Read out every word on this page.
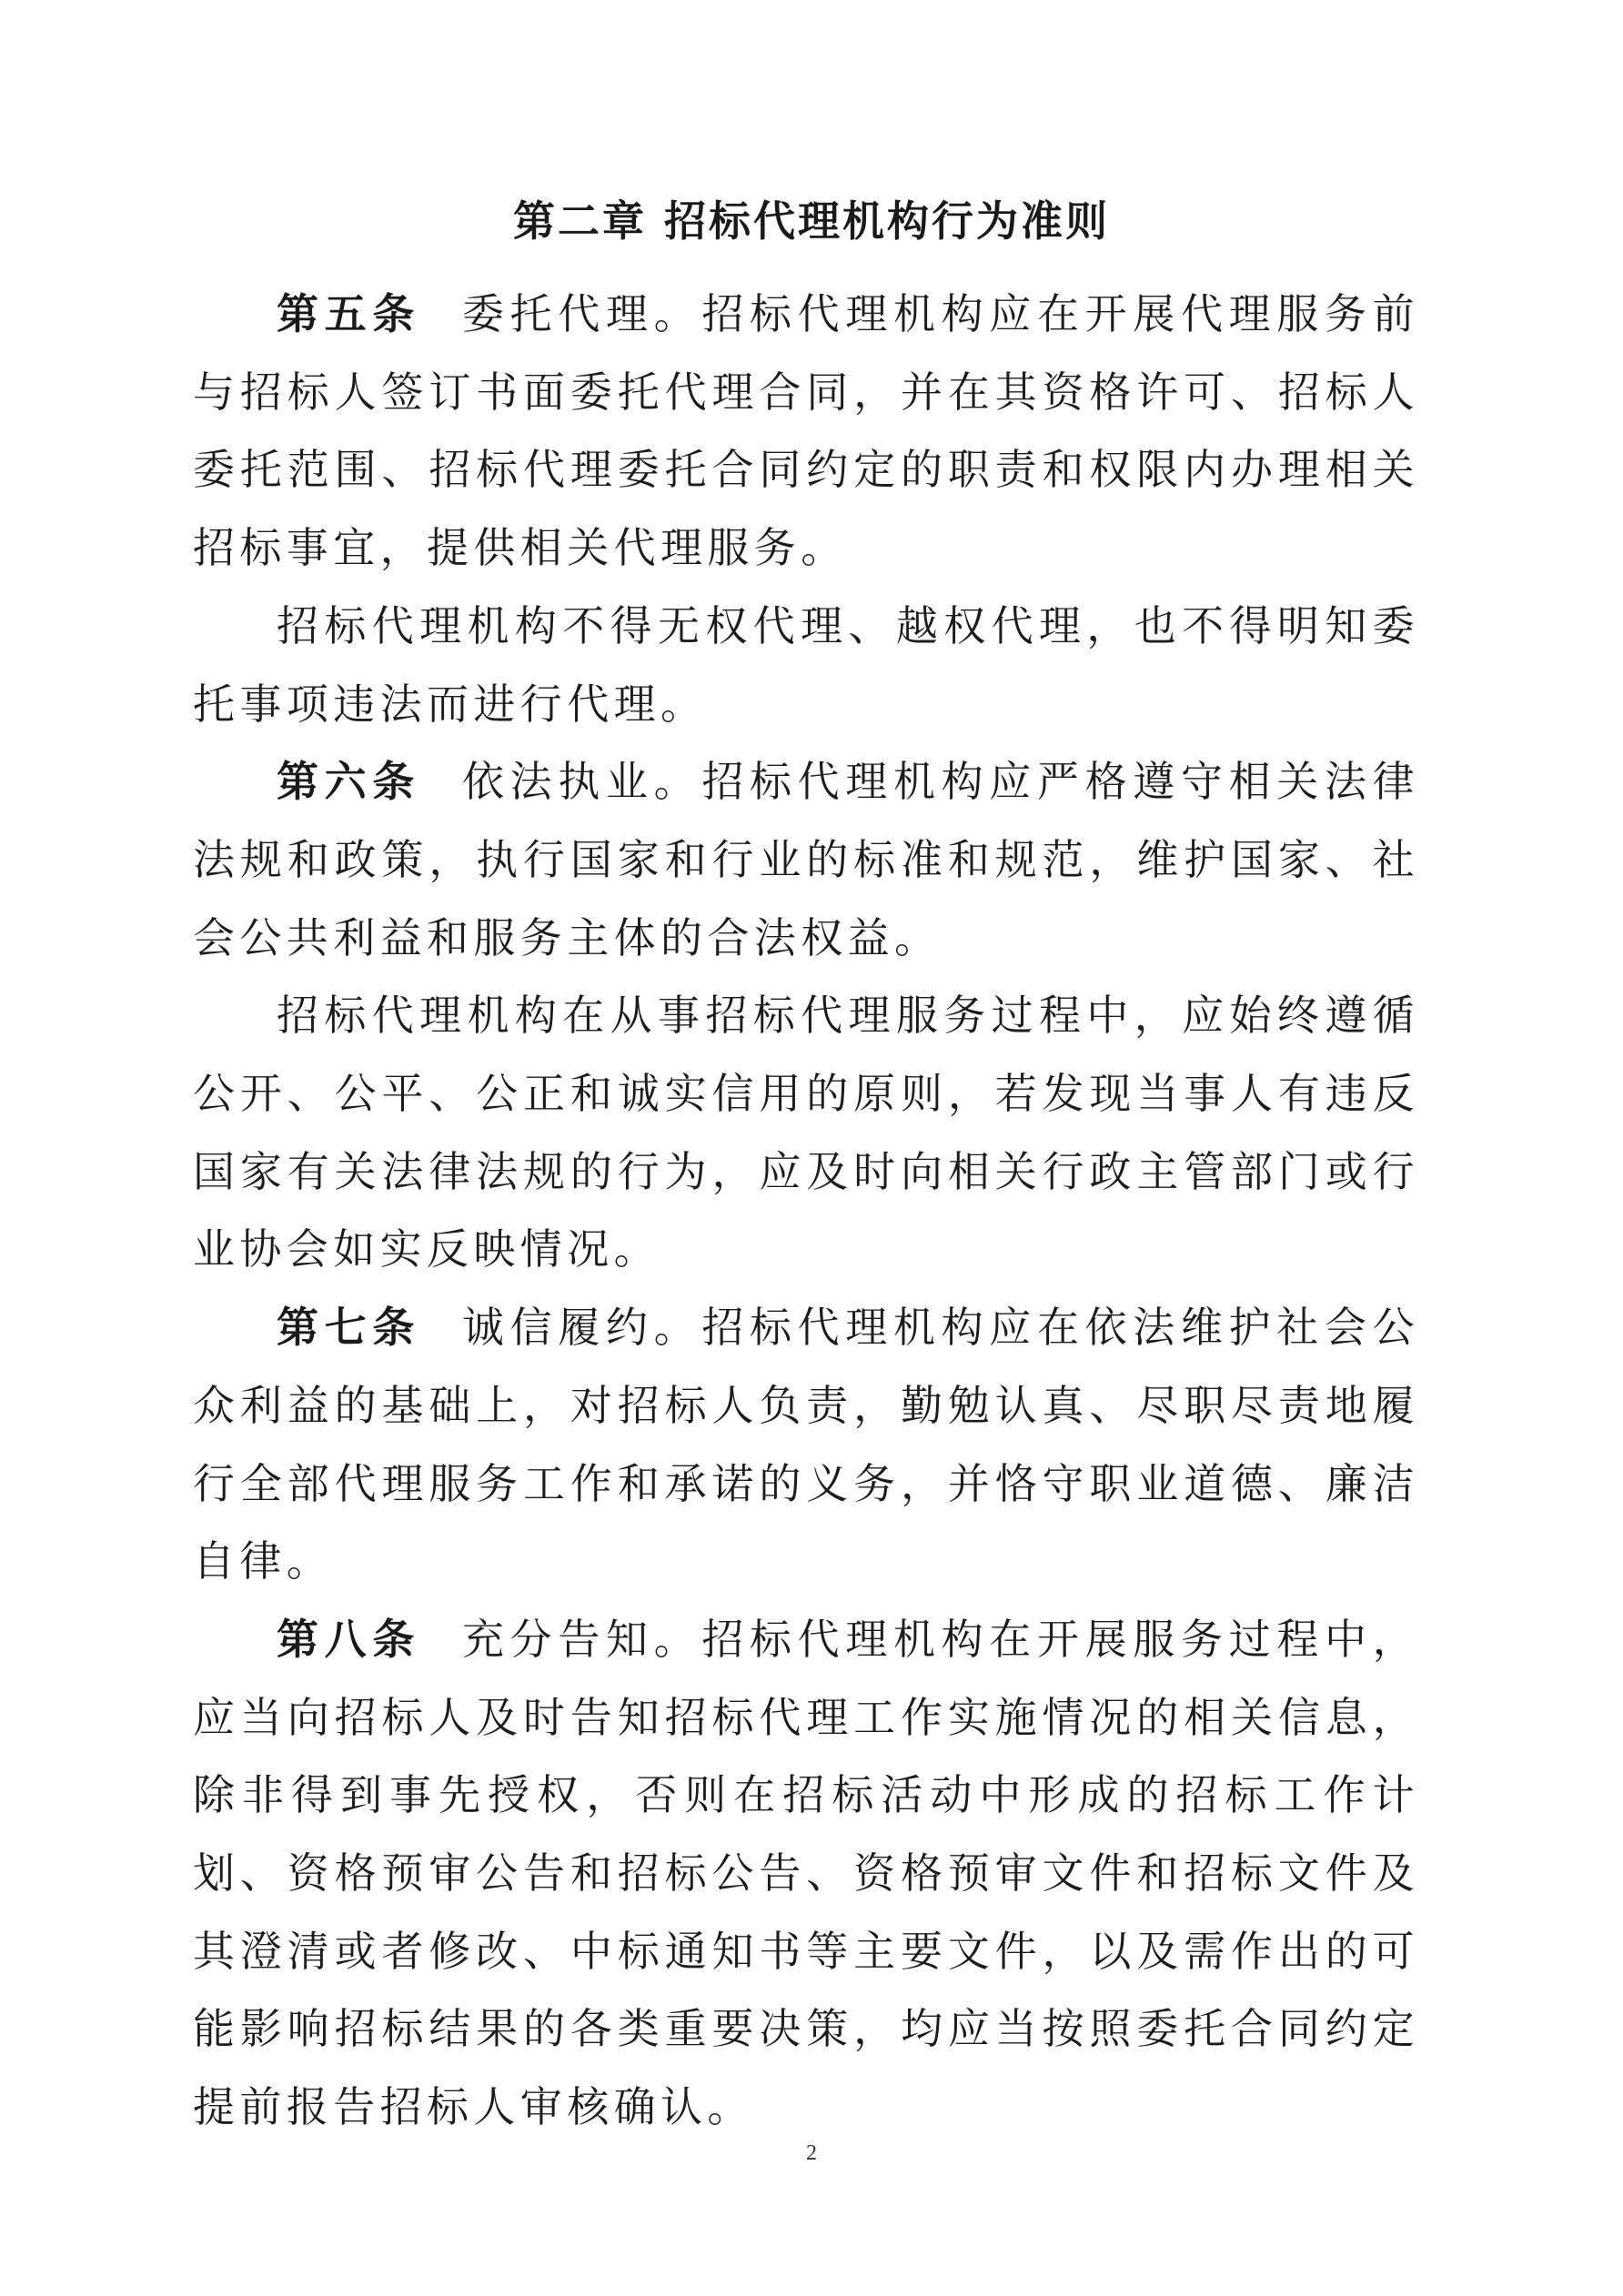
第二章 招标代理机构行为准则

第五条 委托代理。招标代理机构应在开展代理服务前与招标人签订书面委托代理合同，并在其资格许可、招标人委托范围、招标代理委托合同约定的职责和权限内办理相关招标事宜，提供相关代理服务。

招标代理机构不得无权代理、越权代理，也不得明知委托事项违法而进行代理。

第六条 依法执业。招标代理机构应严格遵守相关法律法规和政策，执行国家和行业的标准和规范，维护国家、社会公共利益和服务主体的合法权益。

招标代理机构在从事招标代理服务过程中，应始终遵循公开、公平、公正和诚实信用的原则，若发现当事人有违反国家有关法律法规的行为，应及时向相关行政主管部门或行业协会如实反映情况。

第七条 诚信履约。招标代理机构应在依法维护社会公众利益的基础上，对招标人负责，勤勉认真、尽职尽责地履行全部代理服务工作和承诺的义务，并恪守职业道德、廉洁自律。

第八条 充分告知。招标代理机构在开展服务过程中，应当向招标人及时告知招标代理工作实施情况的相关信息，除非得到事先授权，否则在招标活动中形成的招标工作计划、资格预审公告和招标公告、资格预审文件和招标文件及其澄清或者修改、中标通知书等主要文件，以及需作出的可能影响招标结果的各类重要决策，均应当按照委托合同约定提前报告招标人审核确认。

2
